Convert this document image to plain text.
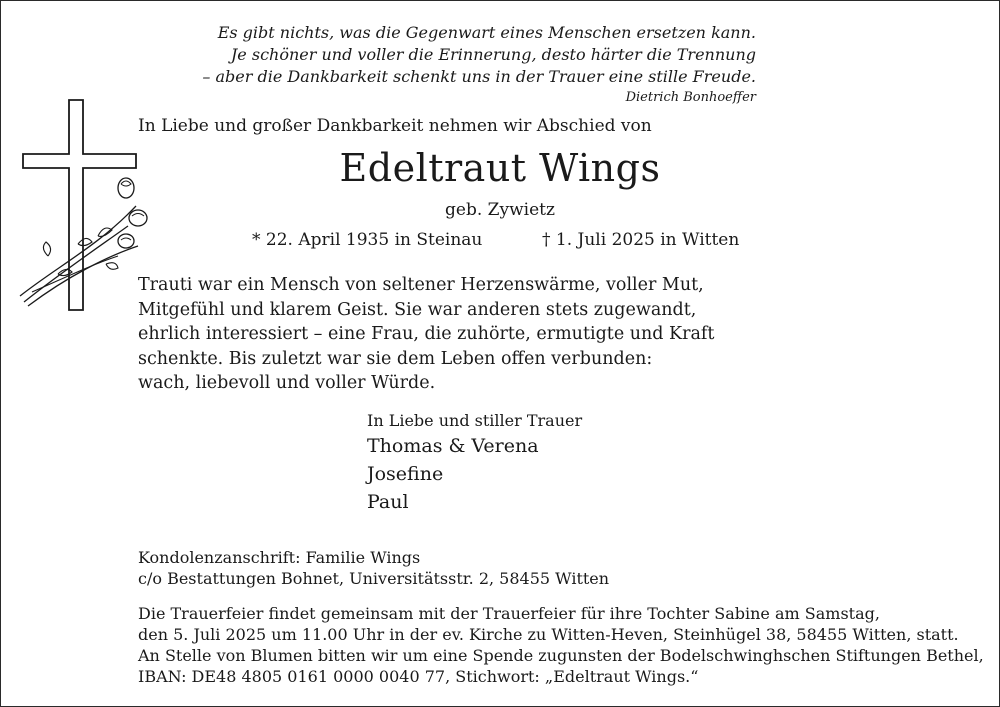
Es gibt nichts, was die Gegenwart eines Menschen ersetzen kann.
Je schöner und voller die Erinnerung, desto härter die Trennung
– aber die Dankbarkeit schenkt uns in der Trauer eine stille Freude.
Dietrich Bonhoeffer
In Liebe und großer Dankbarkeit nehmen wir Abschied von
Edeltraut Wings
geb. Zywietz
* 22. April 1935 in Steinau	† 1. Juli 2025 in Witten
Trauti war ein Mensch von seltener Herzenswärme, voller Mut,
Mitgefühl und klarem Geist. Sie war anderen stets zugewandt,
ehrlich interessiert – eine Frau, die zuhörte, ermutigte und Kraft
schenkte. Bis zuletzt war sie dem Leben offen verbunden:
wach, liebevoll und voller Würde.
In Liebe und stiller Trauer
Thomas & Verena
Josefine
Paul
Kondolenzanschrift: Familie Wings
c/o Bestattungen Bohnet, Universitätsstr. 2, 58455 Witten
Die Trauerfeier findet gemeinsam mit der Trauerfeier für ihre Tochter Sabine am Samstag,
den 5. Juli 2025 um 11.00 Uhr in der ev. Kirche zu Witten-Heven, Steinhügel 38, 58455 Witten, statt.
An Stelle von Blumen bitten wir um eine Spende zugunsten der Bodelschwinghschen Stiftungen Bethel,
IBAN: DE48 4805 0161 0000 0040 77, Stichwort: „Edeltraut Wings.“
